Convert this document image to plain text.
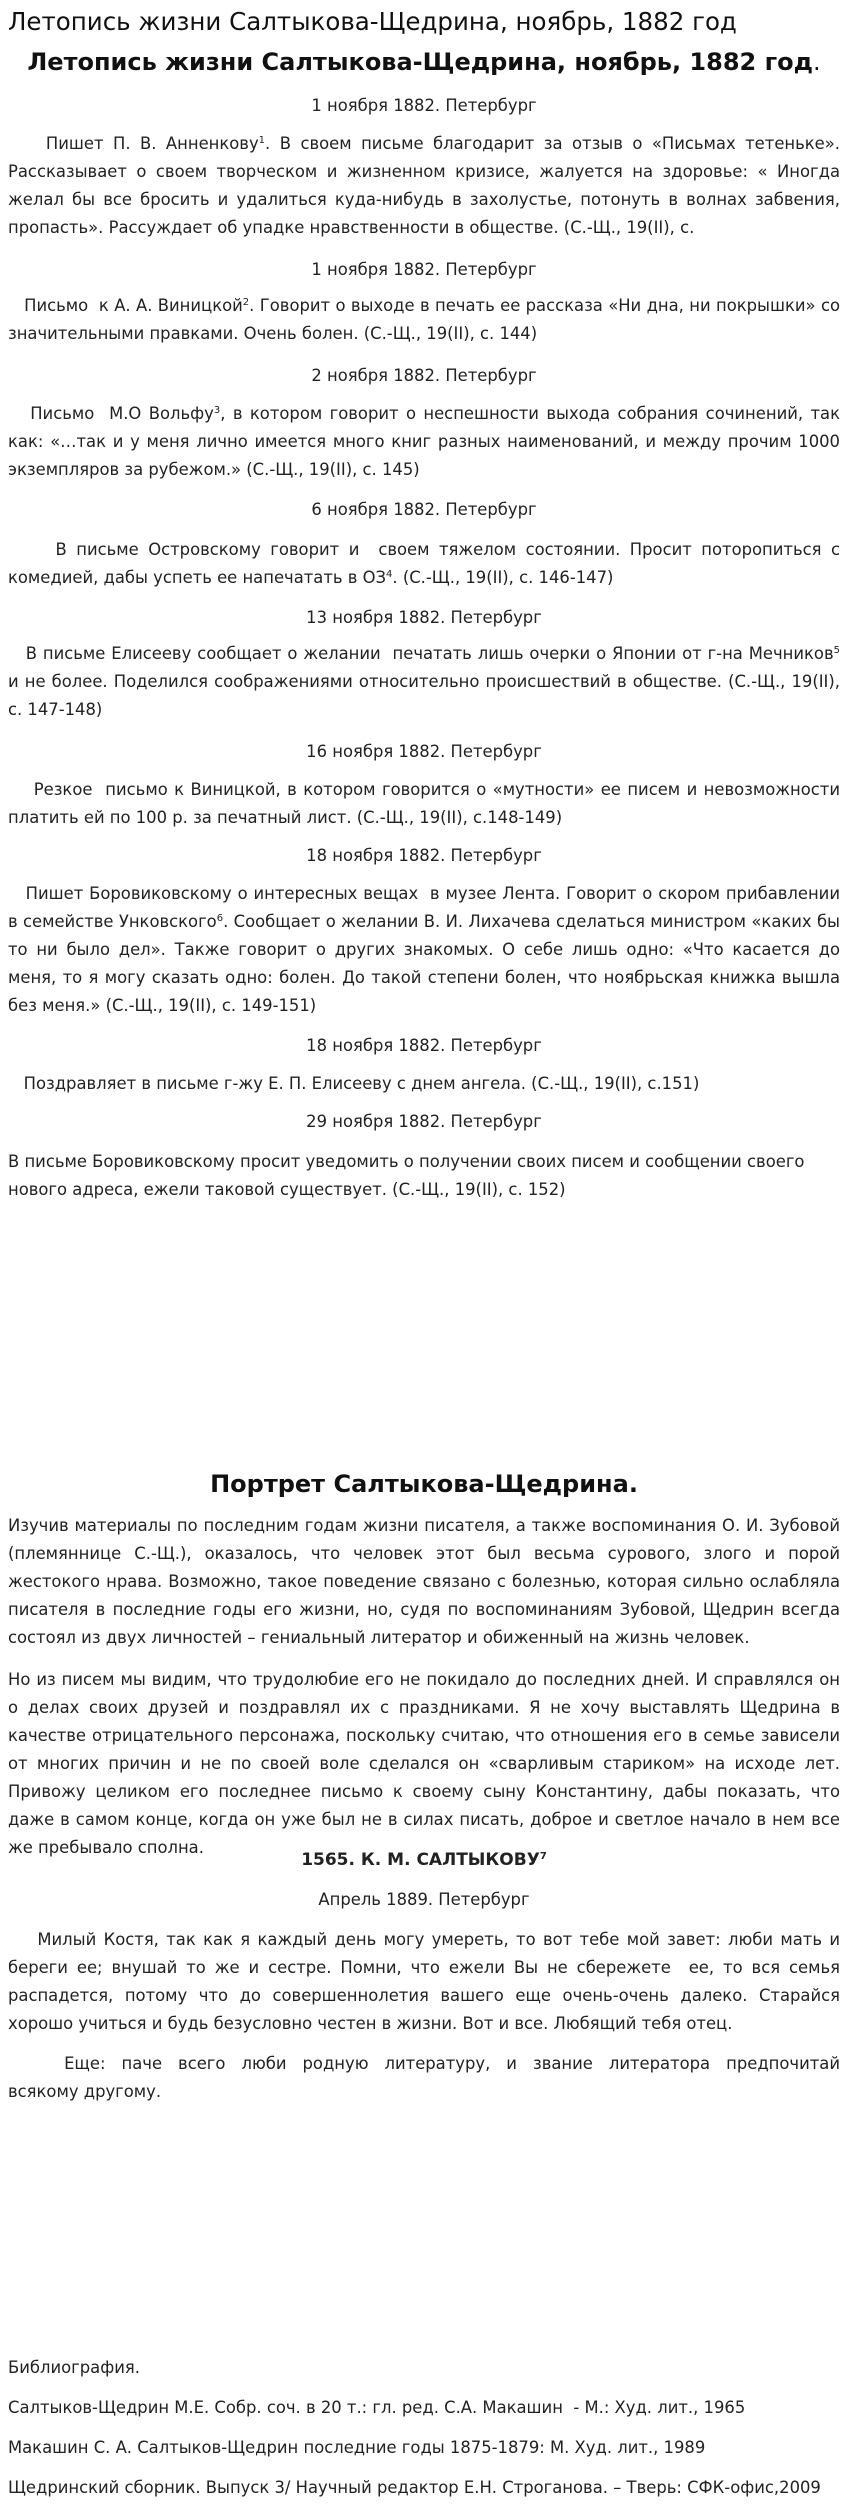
Летопись жизни Салтыкова-Щедрина, ноябрь, 1882 год
Летопись жизни Салтыкова-Щедрина, ноябрь, 1882 год.
1 ноября 1882. Петербург
Пишет П. В. Анненкову$^1$. В своем письме благодарит за отзыв о «Письмах тетеньке». Рассказывает о своем творческом и жизненном кризисе, жалуется на здоровье: « Иногда желал бы все бросить и удалиться куда-нибудь в захолустье, потонуть в волнах забвения, пропасть». Рассуждает об упадке нравственности в обществе. (С.-Щ., 19(II), с.
1 ноября 1882. Петербург
Письмо  к А. А. Виницкой$^2$. Говорит о выходе в печать ее рассказа «Ни дна, ни покрышки» со значительными правками. Очень болен. (С.-Щ., 19(II), с. 144)
2 ноября 1882. Петербург
Письмо  М.О Вольфу$^3$, в котором говорит о неспешности выхода собрания сочинений, так как: «…так и у меня лично имеется много книг разных наименований, и между прочим 1000 экземпляров за рубежом.» (С.-Щ., 19(II), с. 145)
6 ноября 1882. Петербург
В письме Островскому говорит и  своем тяжелом состоянии. Просит поторопиться с комедией, дабы успеть ее напечатать в $ОЗ^4$. (С.-Щ., 19(II), с. 146-147)
13 ноября 1882. Петербург
В письме Елисееву сообщает о желании  печатать лишь очерки о Японии от г-на Мечников$^5$ и не более. Поделился соображениями относительно происшествий в обществе. (С.-Щ., 19(II), с. 147-148)
16 ноября 1882. Петербург
Резкое  письмо к Виницкой, в котором говорится о «мутности» ее писем и невозможности платить ей по 100 р. за печатный лист. (С.-Щ., 19(II), с.148-149)
18 ноября 1882. Петербург
Пишет Боровиковскому о интересных вещах  в музее Лента. Говорит о скором прибавлении в семействе Унковского$^6$. Сообщает о желании В. И. Лихачева сделаться министром «каких бы то ни было дел». Также говорит о других знакомых. О себе лишь одно: «Что касается до меня, то я могу сказать одно: болен. До такой степени болен, что ноябрьская книжка вышла без меня.» (С.-Щ., 19(II), с. 149-151)
18 ноября 1882. Петербург
Поздравляет в письме г-жу Е. П. Елисееву с днем ангела. (С.-Щ., 19(II), с.151)
29 ноября 1882. Петербург
В письме Боровиковскому просит уведомить о получении своих писем и сообщении своего нового адреса, ежели таковой существует. (С.-Щ., 19(II), с. 152)
Портрет Салтыкова-Щедрина.
Изучив материалы по последним годам жизни писателя, а также воспоминания О. И. Зубовой (племяннице С.-Щ.), оказалось, что человек этот был весьма сурового, злого и порой жестокого нрава. Возможно, такое поведение связано с болезнью, которая сильно ослабляла писателя в последние годы его жизни, но, судя по воспоминаниям Зубовой, Щедрин всегда состоял из двух личностей – гениальный литератор и обиженный на жизнь человек.
Но из писем мы видим, что трудолюбие его не покидало до последних дней. И справлялся он о делах своих друзей и поздравлял их с праздниками. Я не хочу выставлять Щедрина в качестве отрицательного персонажа, поскольку считаю, что отношения его в семье зависели от многих причин и не по своей воле сделался он «сварливым стариком» на исходе лет. Привожу целиком его последнее письмо к своему сыну Константину, дабы показать, что даже в самом конце, когда он уже был не в силах писать, доброе и светлое начало в нем все же пребывало сполна.
1565. К. М. САЛТЫКОВУ$^7$
Апрель 1889. Петербург
Милый Костя, так как я каждый день могу умереть, то вот тебе мой завет: люби мать и береги ее; внушай то же и сестре. Помни, что ежели Вы не сбережете  ее, то вся семья распадется, потому что до совершеннолетия вашего еще очень-очень далеко. Старайся хорошо учиться и будь безусловно честен в жизни. Вот и все. Любящий тебя отец.
Еще:  паче  всего  люби  родную  литературу,  и  звание  литератора  предпочитай всякому другому.
Библиография.
Салтыков-Щедрин М.Е. Собр. соч. в 20 т.: гл. ред. С.А. Макашин  - М.: Худ. лит., 1965
Макашин С. А. Салтыков-Щедрин последние годы 1875-1879: М. Худ. лит., 1989
Щедринский сборник. Выпуск 3/ Научный редактор Е.Н. Строганова. – Тверь: СФК-офис,2009
